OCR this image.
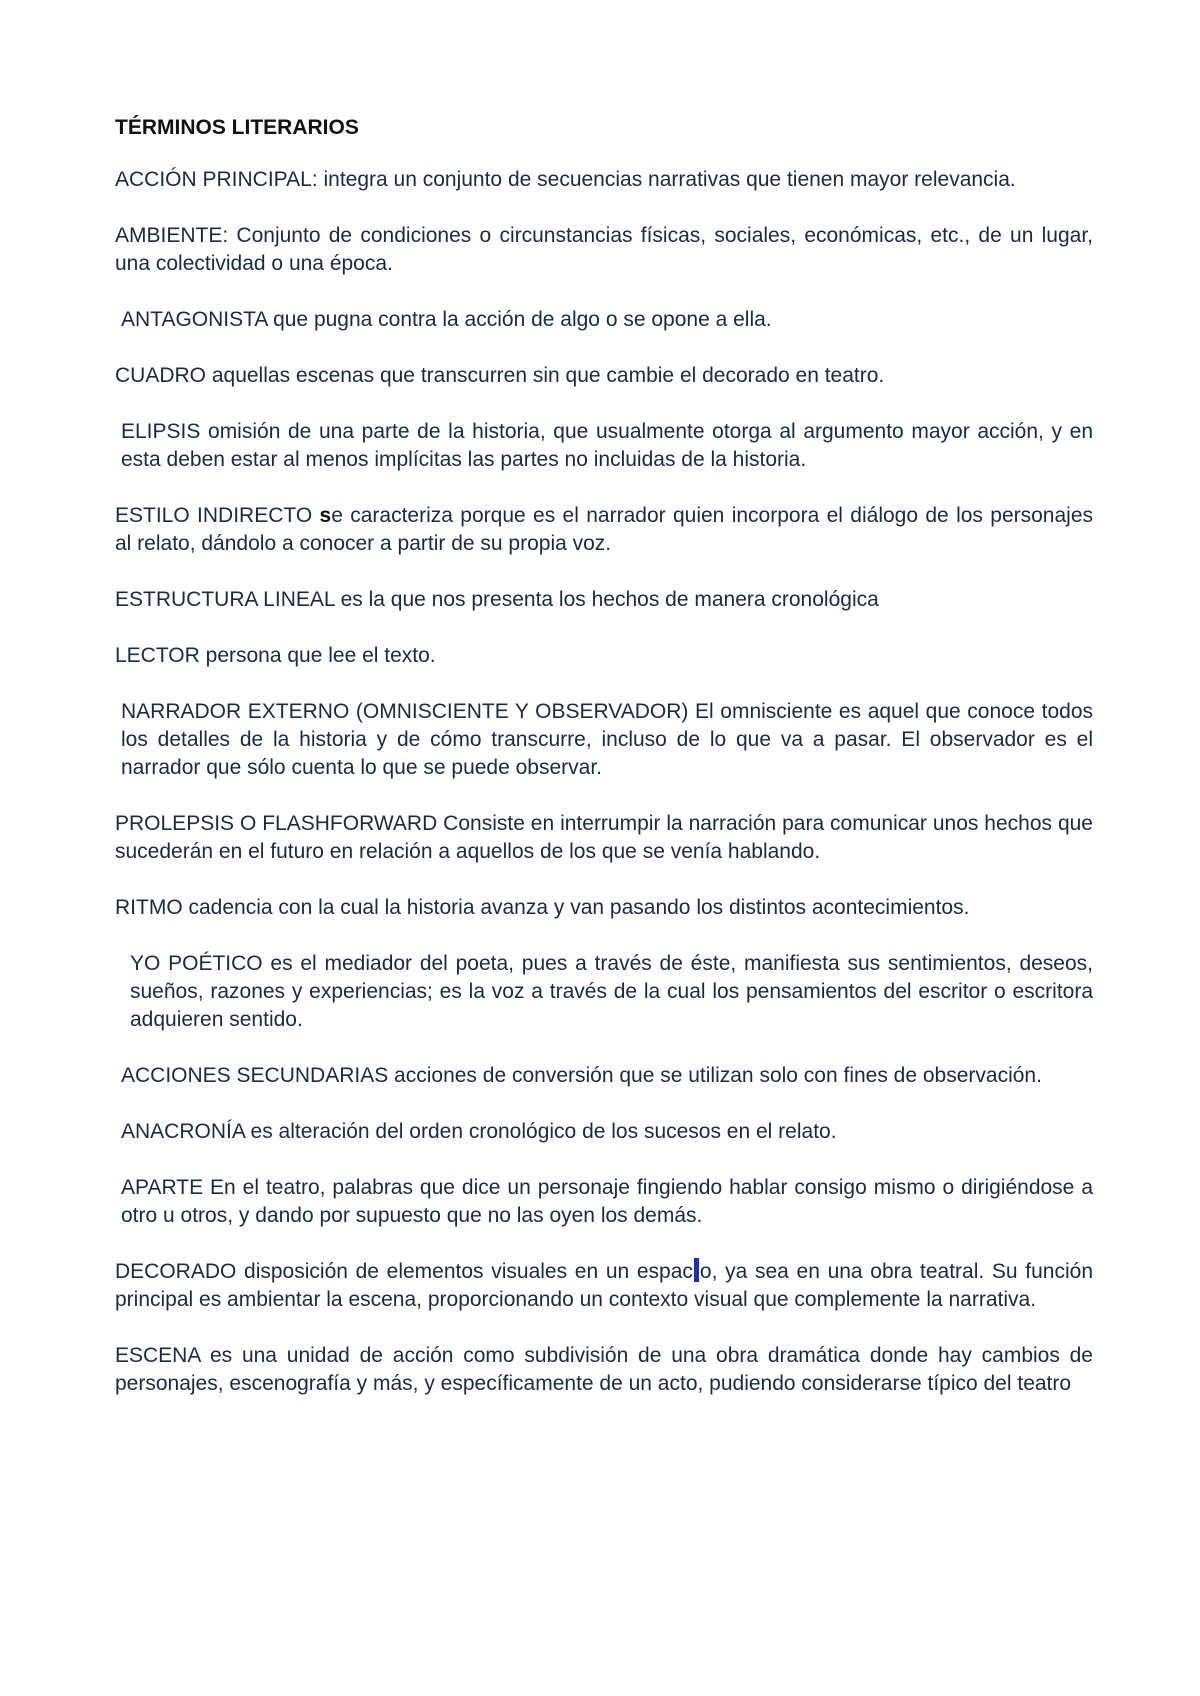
TÉRMINOS LITERARIOS

ACCIÓN PRINCIPAL: integra un conjunto de secuencias narrativas que tienen mayor relevancia.

AMBIENTE: Conjunto de condiciones o circunstancias físicas, sociales, económicas, etc., de un lugar, una colectividad o una época.

ANTAGONISTA que pugna contra la acción de algo o se opone a ella.

CUADRO aquellas escenas que transcurren sin que cambie el decorado en teatro.

ELIPSIS omisión de una parte de la historia, que usualmente otorga al argumento mayor acción, y en esta deben estar al menos implícitas las partes no incluidas de la historia.

ESTILO INDIRECTO se caracteriza porque es el narrador quien incorpora el diálogo de los personajes al relato, dándolo a conocer a partir de su propia voz.

ESTRUCTURA LINEAL es la que nos presenta los hechos de manera cronológica

LECTOR persona que lee el texto.

NARRADOR EXTERNO (OMNISCIENTE Y OBSERVADOR) El omnisciente es aquel que conoce todos los detalles de la historia y de cómo transcurre, incluso de lo que va a pasar. El observador es el narrador que sólo cuenta lo que se puede observar.

PROLEPSIS O FLASHFORWARD Consiste en interrumpir la narración para comunicar unos hechos que sucederán en el futuro en relación a aquellos de los que se venía hablando.

RITMO cadencia con la cual la historia avanza y van pasando los distintos acontecimientos.

YO POÉTICO es el mediador del poeta, pues a través de éste, manifiesta sus sentimientos, deseos, sueños, razones y experiencias; es la voz a través de la cual los pensamientos del escritor o escritora adquieren sentido.

ACCIONES SECUNDARIAS acciones de conversión que se utilizan solo con fines de observación.

ANACRONÍA es alteración del orden cronológico de los sucesos en el relato.

APARTE En el teatro, palabras que dice un personaje fingiendo hablar consigo mismo o dirigiéndose a otro u otros, y dando por supuesto que no las oyen los demás.

DECORADO disposición de elementos visuales en un espac o, ya sea en una obra teatral. Su función principal es ambientar la escena, proporcionando un contexto visual que complemente la narrativa.

ESCENA es una unidad de acción como subdivisión de una obra dramática donde hay cambios de personajes, escenografía y más, y específicamente de un acto, pudiendo considerarse típico del teatro
